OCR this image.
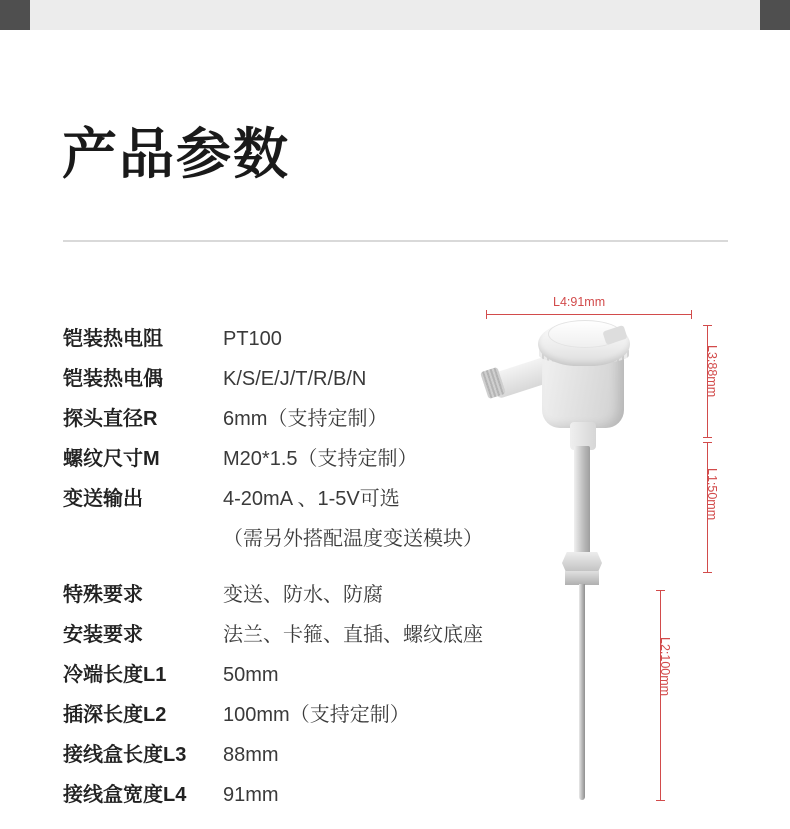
产品参数
铠装热电阻	PT100
铠装热电偶	K/S/E/J/T/R/B/N
探头直径R	6mm（支持定制）
螺纹尺寸M	M20*1.5（支持定制）
变送输出	4-20mA 、1-5V可选
（需另外搭配温度变送模块）
特殊要求	变送、防水、防腐
安装要求	法兰、卡箍、直插、螺纹底座
冷端长度L1	50mm
插深长度L2	100mm（支持定制）
接线盒长度L3	88mm
接线盒宽度L4	91mm
L4:91mm
L3:88mm
L1:50mm
L2:100mm
